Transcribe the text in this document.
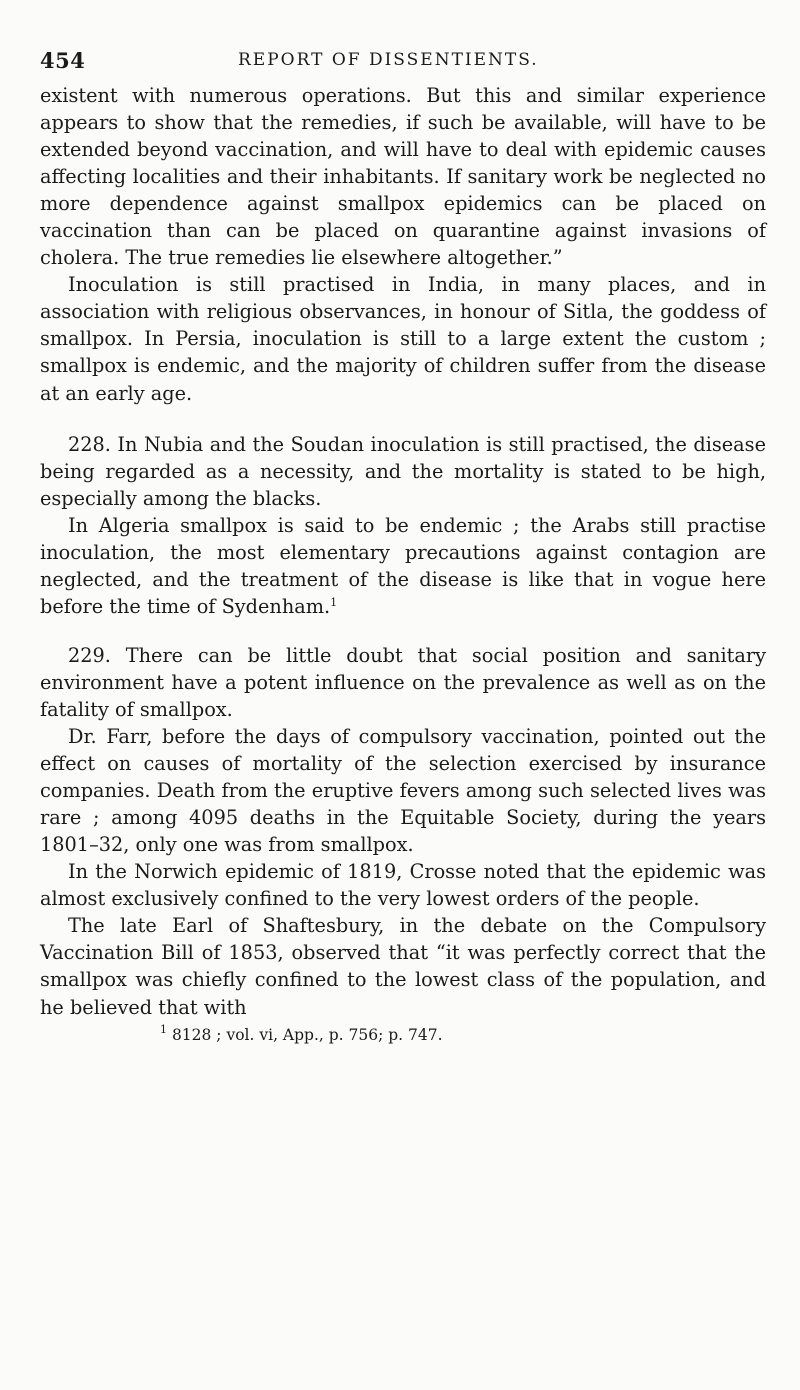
454	REPORT OF DISSENTIENTS.

existent with numerous operations. But this and similar experience appears to show that the remedies, if such be available, will have to be extended beyond vaccination, and will have to deal with epidemic causes affecting localities and their inhabitants. If sanitary work be neglected no more dependence against smallpox epidemics can be placed on vaccination than can be placed on quarantine against invasions of cholera. The true remedies lie elsewhere altogether.”

Inoculation is still practised in India, in many places, and in association with religious observances, in honour of Sitla, the goddess of smallpox. In Persia, inoculation is still to a large extent the custom ; smallpox is endemic, and the majority of children suffer from the disease at an early age.

228. In Nubia and the Soudan inoculation is still practised, the disease being regarded as a necessity, and the mortality is stated to be high, especially among the blacks.

In Algeria smallpox is said to be endemic ; the Arabs still practise inoculation, the most elementary precautions against contagion are neglected, and the treatment of the disease is like that in vogue here before the time of Sydenham.$^1$

229. There can be little doubt that social position and sanitary environment have a potent influence on the prevalence as well as on the fatality of smallpox.

Dr. Farr, before the days of compulsory vaccination, pointed out the effect on causes of mortality of the selection exercised by insurance companies. Death from the eruptive fevers among such selected lives was rare ; among 4095 deaths in the Equitable Society, during the years 1801–32, only one was from smallpox.

In the Norwich epidemic of 1819, Crosse noted that the epidemic was almost exclusively confined to the very lowest orders of the people.

The late Earl of Shaftesbury, in the debate on the Compulsory Vaccination Bill of 1853, observed that “it was perfectly correct that the smallpox was chiefly confined to the lowest class of the population, and he believed that with

$^1$ 8128 ; vol. vi, App., p. 756; p. 747.
